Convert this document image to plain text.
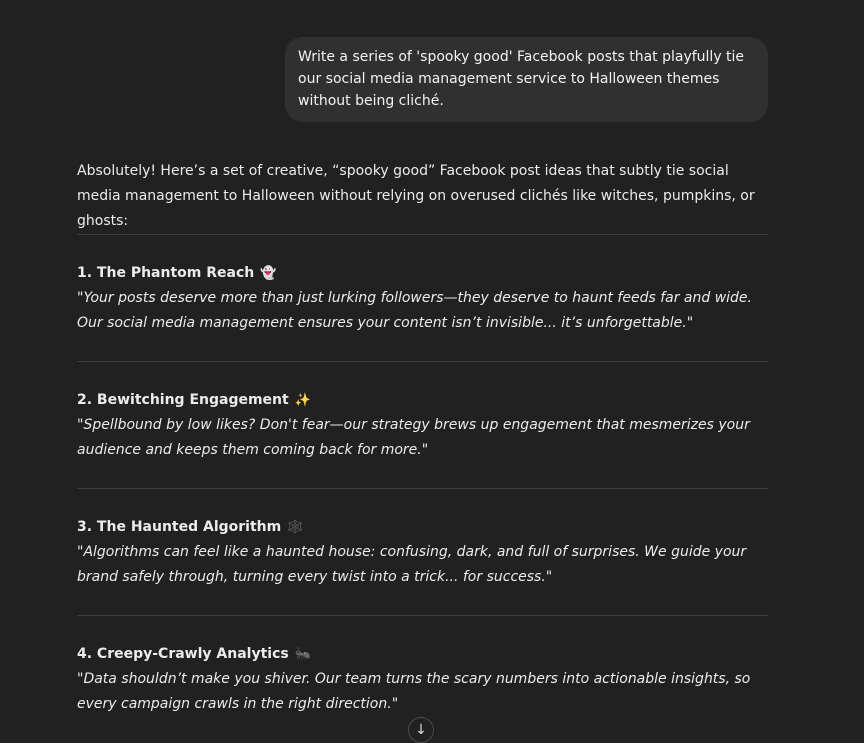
Write a series of 'spooky good' Facebook posts that playfully tie our social media management service to Halloween themes without being cliché.

Absolutely! Here’s a set of creative, “spooky good” Facebook post ideas that subtly tie social media management to Halloween without relying on overused clichés like witches, pumpkins, or ghosts:

1. The Phantom Reach 👻

"Your posts deserve more than just lurking followers—they deserve to haunt feeds far and wide. Our social media management ensures your content isn’t invisible... it’s unforgettable."

2. Bewitching Engagement ✨

"Spellbound by low likes? Don't fear—our strategy brews up engagement that mesmerizes your audience and keeps them coming back for more."

3. The Haunted Algorithm 🕸️

"Algorithms can feel like a haunted house: confusing, dark, and full of surprises. We guide your brand safely through, turning every twist into a trick... for success."

4. Creepy-Crawly Analytics 🐜

"Data shouldn’t make you shiver. Our team turns the scary numbers into actionable insights, so every campaign crawls in the right direction."

↓
